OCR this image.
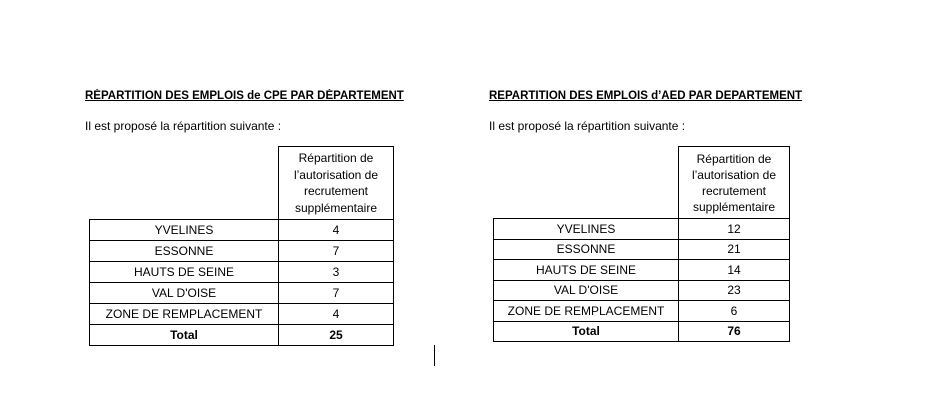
RÉPARTITION DES EMPLOIS de CPE PAR DÉPARTEMENT

Il est proposé la répartition suivante :

	Répartition de l’autorisation de recrutement supplémentaire
YVELINES	4
ESSONNE	7
HAUTS DE SEINE	3
VAL D'OISE	7
ZONE DE REMPLACEMENT	4
Total	25

REPARTITION DES EMPLOIS d’AED PAR DEPARTEMENT

Il est proposé la répartition suivante :

	Répartition de l’autorisation de recrutement supplémentaire
YVELINES	12
ESSONNE	21
HAUTS DE SEINE	14
VAL D'OISE	23
ZONE DE REMPLACEMENT	6
Total	76
